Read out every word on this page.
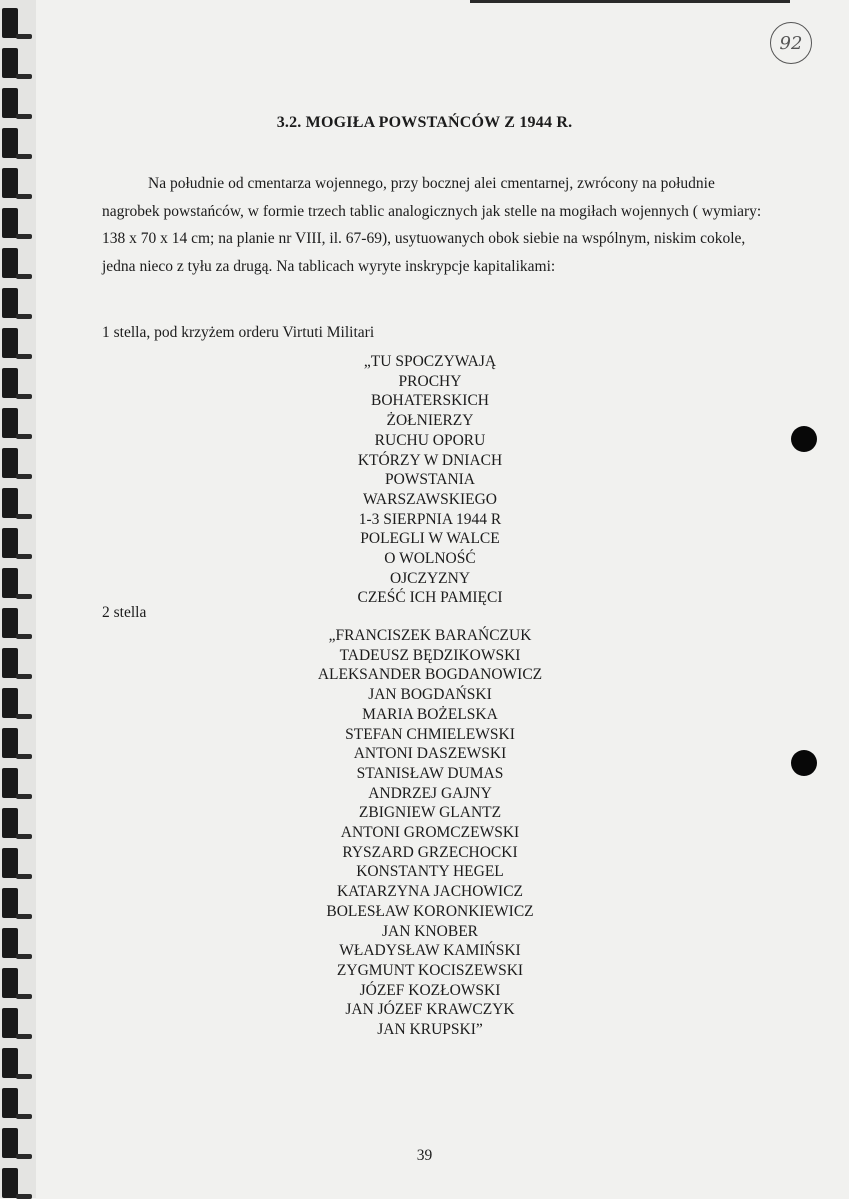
92
3.2. MOGIŁA POWSTAŃCÓW Z 1944 R.

Na południe od cmentarza wojennego, przy bocznej alei cmentarnej, zwrócony na południe nagrobek powstańców, w formie trzech tablic analogicznych jak stelle na mogiłach wojennych ( wymiary: 138 x 70 x 14 cm; na planie nr VIII, il. 67-69), usytuowanych obok siebie na wspólnym, niskim cokole, jedna nieco z tyłu za drugą. Na tablicach wyryte inskrypcje kapitalikami:

1 stella, pod krzyżem orderu Virtuti Militari
„TU SPOCZYWAJĄ
PROCHY
BOHATERSKICH
ŻOŁNIERZY
RUCHU OPORU
KTÓRZY W DNIACH
POWSTANIA
WARSZAWSKIEGO
1-3 SIERPNIA 1944 R
POLEGLI W WALCE
O WOLNOŚĆ
OJCZYZNY
CZEŚĆ ICH PAMIĘCI
2 stella
„FRANCISZEK BARAŃCZUK
TADEUSZ BĘDZIKOWSKI
ALEKSANDER BOGDANOWICZ
JAN BOGDAŃSKI
MARIA BOŻELSKA
STEFAN CHMIELEWSKI
ANTONI DASZEWSKI
STANISŁAW DUMAS
ANDRZEJ GAJNY
ZBIGNIEW GLANTZ
ANTONI GROMCZEWSKI
RYSZARD GRZECHOCKI
KONSTANTY HEGEL
KATARZYNA JACHOWICZ
BOLESŁAW KORONKIEWICZ
JAN KNOBER
WŁADYSŁAW KAMIŃSKI
ZYGMUNT KOCISZEWSKI
JÓZEF KOZŁOWSKI
JAN JÓZEF KRAWCZYK
JAN KRUPSKI”
39
